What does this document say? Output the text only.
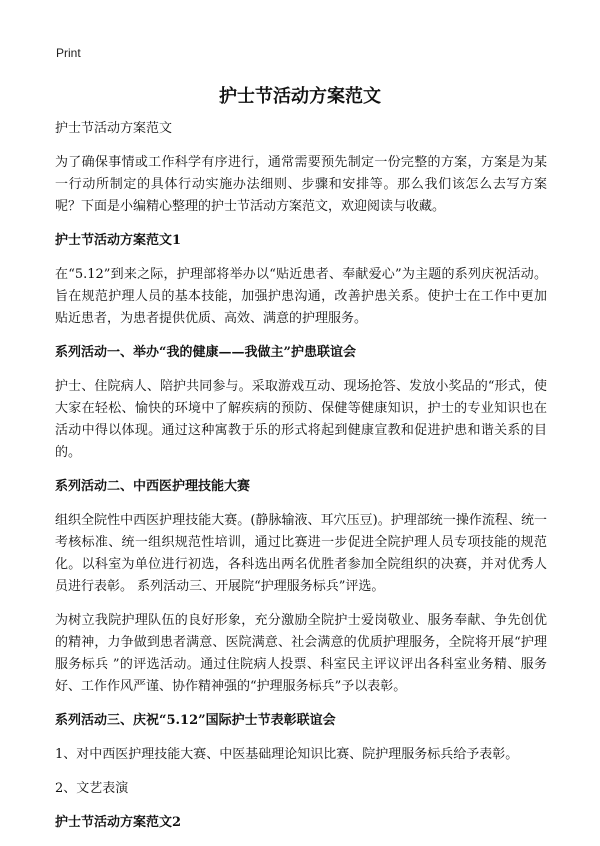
Print
护士节活动方案范文

护士节活动方案范文

为了确保事情或工作科学有序进行，通常需要预先制定一份完整的方案，方案是为某一行动所制定的具体行动实施办法细则、步骤和安排等。那么我们该怎么去写方案呢？下面是小编精心整理的护士节活动方案范文，欢迎阅读与收藏。

护士节活动方案范文1

在“5.12”到来之际，护理部将举办以“贴近患者、奉献爱心”为主题的系列庆祝活动。旨在规范护理人员的基本技能，加强护患沟通，改善护患关系。使护士在工作中更加贴近患者，为患者提供优质、高效、满意的护理服务。

系列活动一、举办“我的健康——我做主”护患联谊会

护士、住院病人、陪护共同参与。采取游戏互动、现场抢答、发放小奖品的“形式，使大家在轻松、愉快的环境中了解疾病的预防、保健等健康知识，护士的专业知识也在活动中得以体现。通过这种寓教于乐的形式将起到健康宣教和促进护患和谐关系的目的。

系列活动二、中西医护理技能大赛

组织全院性中西医护理技能大赛。(静脉输液、耳穴压豆)。护理部统一操作流程、统一考核标准、统一组织规范性培训，通过比赛进一步促进全院护理人员专项技能的规范化。以科室为单位进行初选，各科选出两名优胜者参加全院组织的决赛，并对优秀人员进行表彰。 系列活动三、开展院“护理服务标兵”评选。

为树立我院护理队伍的良好形象，充分激励全院护士爱岗敬业、服务奉献、争先创优的精神，力争做到患者满意、医院满意、社会满意的优质护理服务，全院将开展“护理服务标兵 ”的评选活动。通过住院病人投票、科室民主评议评出各科室业务精、服务好、工作作风严谨、协作精神强的“护理服务标兵”予以表彰。

系列活动三、庆祝“5.12”国际护士节表彰联谊会

1、对中西医护理技能大赛、中医基础理论知识比赛、院护理服务标兵给予表彰。

2、文艺表演

护士节活动方案范文2
